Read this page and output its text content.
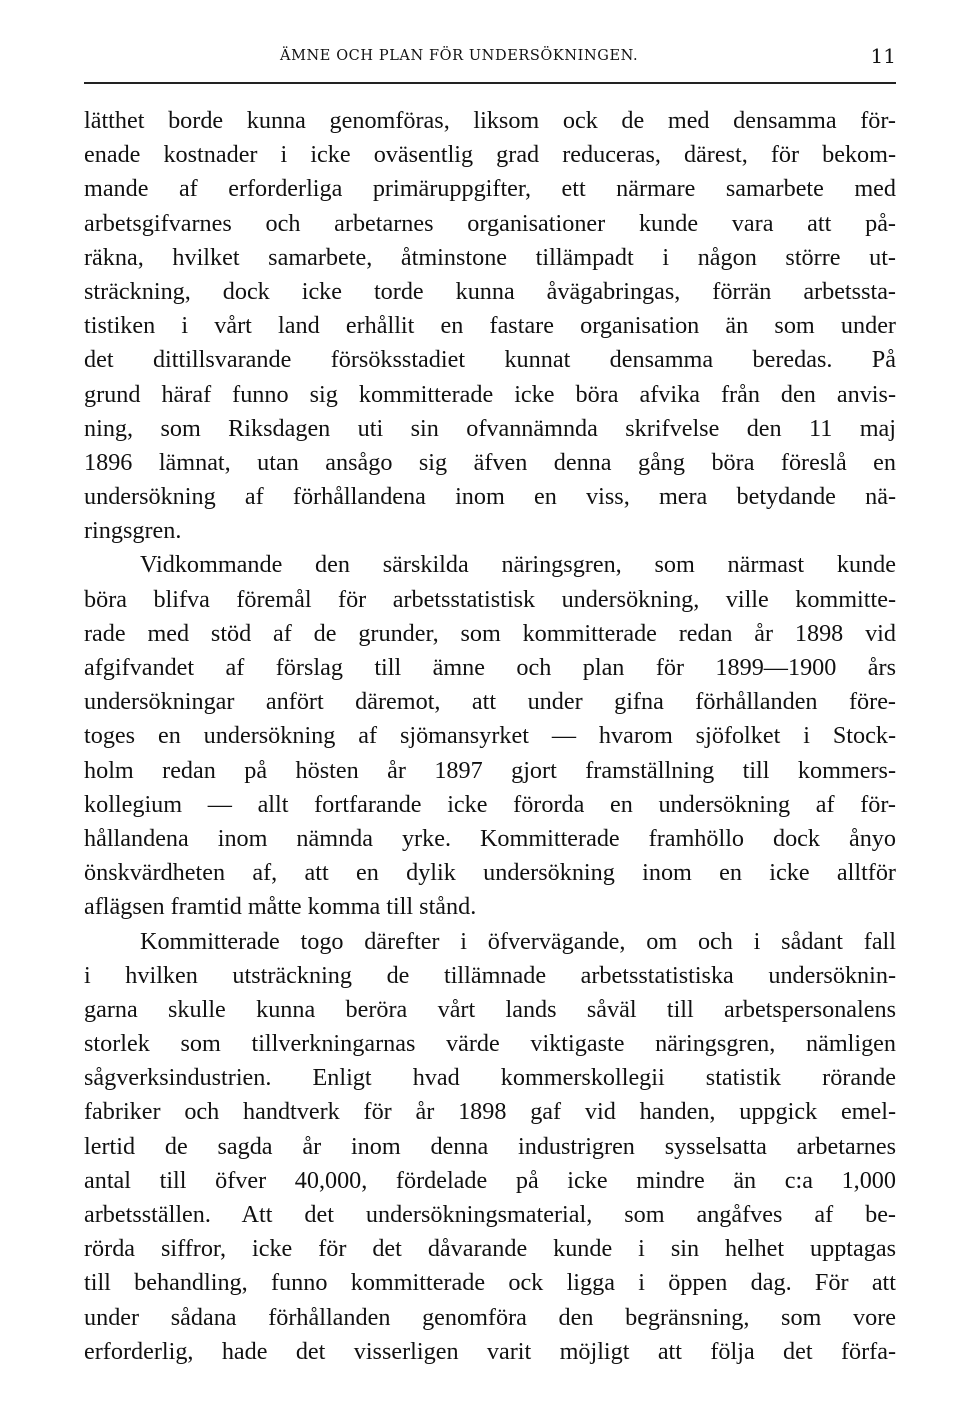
ÄMNE OCH PLAN FÖR UNDERSÖKNINGEN.	11
lätthet borde kunna genomföras, liksom ock de med densamma för-
enade kostnader i icke oväsentlig grad reduceras, därest, för bekom-
mande af erforderliga primäruppgifter, ett närmare samarbete med
arbetsgifvarnes och arbetarnes organisationer kunde vara att på-
räkna, hvilket samarbete, åtminstone tillämpadt i någon större ut-
sträckning, dock icke torde kunna åvägabringas, förrän arbetssta-
tistiken i vårt land erhållit en fastare organisation än som under
det dittillsvarande försöksstadiet kunnat densamma beredas. På
grund häraf funno sig kommitterade icke böra afvika från den anvis-
ning, som Riksdagen uti sin ofvannämnda skrifvelse den 11 maj
1896 lämnat, utan ansågo sig äfven denna gång böra föreslå en
undersökning af förhållandena inom en viss, mera betydande nä-
ringsgren.
Vidkommande den särskilda näringsgren, som närmast kunde
böra blifva föremål för arbetsstatistisk undersökning, ville kommitte-
rade med stöd af de grunder, som kommitterade redan år 1898 vid
afgifvandet af förslag till ämne och plan för 1899—1900 års
undersökningar anfört däremot, att under gifna förhållanden före-
toges en undersökning af sjömansyrket — hvarom sjöfolket i Stock-
holm redan på hösten år 1897 gjort framställning till kommers-
kollegium — allt fortfarande icke förorda en undersökning af för-
hållandena inom nämnda yrke. Kommitterade framhöllo dock ånyo
önskvärdheten af, att en dylik undersökning inom en icke alltför
aflägsen framtid måtte komma till stånd.
Kommitterade togo därefter i öfvervägande, om och i sådant fall
i hvilken utsträckning de tillämnade arbetsstatistiska undersöknin-
garna skulle kunna beröra vårt lands såväl till arbetspersonalens
storlek som tillverkningarnas värde viktigaste näringsgren, nämligen
sågverksindustrien. Enligt hvad kommerskollegii statistik rörande
fabriker och handtverk för år 1898 gaf vid handen, uppgick emel-
lertid de sagda år inom denna industrigren sysselsatta arbetarnes
antal till öfver 40,000, fördelade på icke mindre än c:a 1,000
arbetsställen. Att det undersökningsmaterial, som angåfves af be-
rörda siffror, icke för det dåvarande kunde i sin helhet upptagas
till behandling, funno kommitterade ock ligga i öppen dag. För att
under sådana förhållanden genomföra den begränsning, som vore
erforderlig, hade det visserligen varit möjligt att följa det förfa-
